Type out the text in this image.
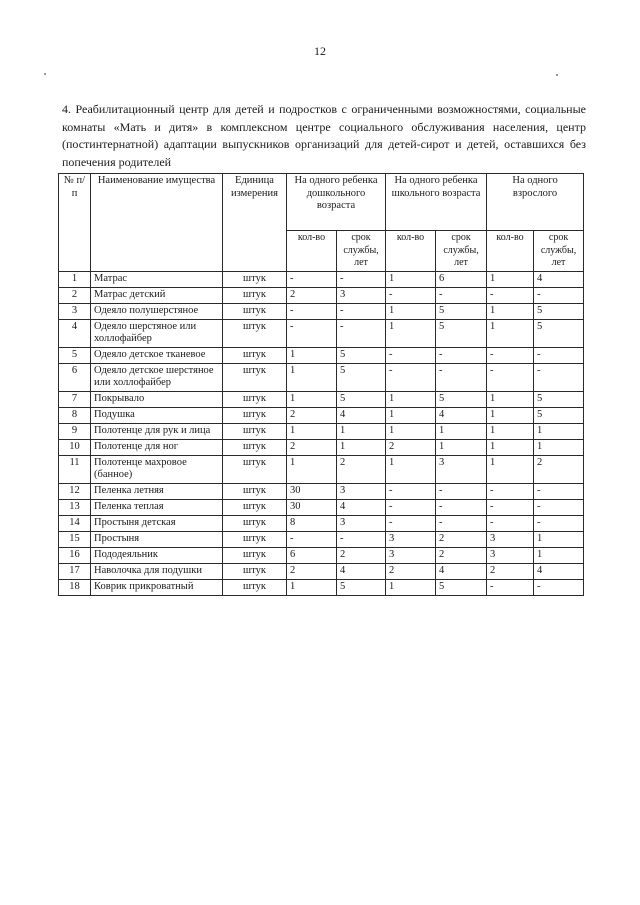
12
4. Реабилитационный центр для детей и подростков с ограниченными возможностями, социальные комнаты «Мать и дитя» в комплексном центре социального обслуживания населения, центр (постинтернатной) адаптации выпускников организаций для детей-сирот и детей, оставшихся без попечения родителей
№ п/п	Наименование имущества	Единица измерения	На одного ребенка дошкольного возраста		На одного ребенка школьного возраста		На одного взрослого	
			кол-во	срок службы, лет	кол-во	срок службы, лет	кол-во	срок службы, лет
1	Матрас	штук	-	-	1	6	1	4
2	Матрас детский	штук	2	3	-	-	-	-
3	Одеяло полушерстяное	штук	-	-	1	5	1	5
4	Одеяло шерстяное или холлофайбер	штук	-	-	1	5	1	5
5	Одеяло детское тканевое	штук	1	5	-	-	-	-
6	Одеяло детское шерстяное или холлофайбер	штук	1	5	-	-	-	-
7	Покрывало	штук	1	5	1	5	1	5
8	Подушка	штук	2	4	1	4	1	5
9	Полотенце для рук и лица	штук	1	1	1	1	1	1
10	Полотенце для ног	штук	2	1	2	1	1	1
11	Полотенце махровое (банное)	штук	1	2	1	3	1	2
12	Пеленка летняя	штук	30	3	-	-	-	-
13	Пеленка теплая	штук	30	4	-	-	-	-
14	Простыня детская	штук	8	3	-	-	-	-
15	Простыня	штук	-	-	3	2	3	1
16	Пододеяльник	штук	6	2	3	2	3	1
17	Наволочка для подушки	штук	2	4	2	4	2	4
18	Коврик прикроватный	штук	1	5	1	5	-	-
